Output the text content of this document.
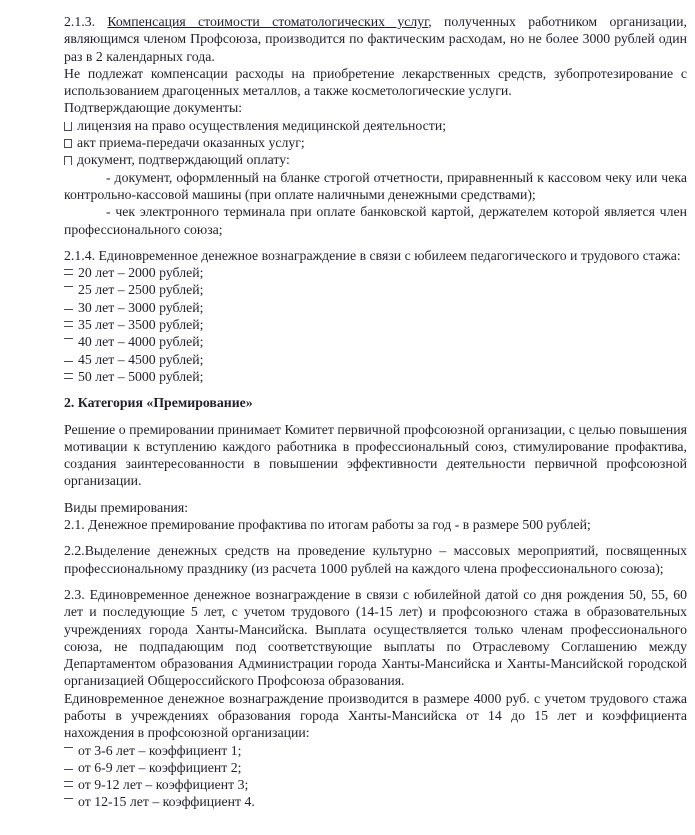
2.1.3. Компенсация стоимости стоматологических услуг, полученных работником организации, являющимся членом Профсоюза, производится по фактическим расходам, но не более 3000 рублей один раз в 2 календарных года.
Не подлежат компенсации расходы на приобретение лекарственных средств, зубопротезирование с использованием драгоценных металлов, а также косметологические услуги.
Подтверждающие документы:
лицензия на право осуществления медицинской деятельности;
акт приема-передачи оказанных услуг;
документ, подтверждающий оплату:
- документ, оформленный на бланке строгой отчетности, приравненный к кассовом чеку или чека контрольно-кассовой машины (при оплате наличными денежными средствами);
- чек электронного терминала при оплате банковской картой, держателем которой является член профессионального союза;
2.1.4. Единовременное денежное вознаграждение в связи с юбилеем педагогического и трудового стажа:
20 лет – 2000 рублей;
25 лет – 2500 рублей;
30 лет – 3000 рублей;
35 лет – 3500 рублей;
40 лет – 4000 рублей;
45 лет – 4500 рублей;
50 лет – 5000 рублей;
2. Категория «Премирование»
Решение о премировании принимает Комитет первичной профсоюзной организации, с целью повышения мотивации к вступлению каждого работника в профессиональный союз, стимулирование профактива, создания заинтересованности в повышении эффективности деятельности первичной профсоюзной организации.
Виды премирования:
2.1. Денежное премирование профактива по итогам работы за год - в размере 500 рублей;
2.2.Выделение денежных средств на проведение культурно – массовых мероприятий, посвященных профессиональному празднику (из расчета 1000 рублей на каждого члена профессионального союза);
2.3. Единовременное денежное вознаграждение в связи с юбилейной датой со дня рождения 50, 55, 60 лет и последующие 5 лет, с учетом трудового (14-15 лет) и профсоюзного стажа в образовательных учреждениях города Ханты-Мансийска. Выплата осуществляется только членам профессионального союза, не подпадающим под соответствующие выплаты по Отраслевому Соглашению между Департаментом образования Администрации города Ханты-Мансийска и Ханты-Мансийской городской организацией Общероссийского Профсоюза образования.
Единовременное денежное вознаграждение производится в размере 4000 руб. с учетом трудового стажа работы в учреждениях образования города Ханты-Мансийска от 14 до 15 лет и коэффициента нахождения в профсоюзной организации:
от 3-6 лет – коэффициент 1;
от 6-9 лет – коэффициент 2;
от 9-12 лет – коэффициент 3;
от 12-15 лет – коэффициент 4.
